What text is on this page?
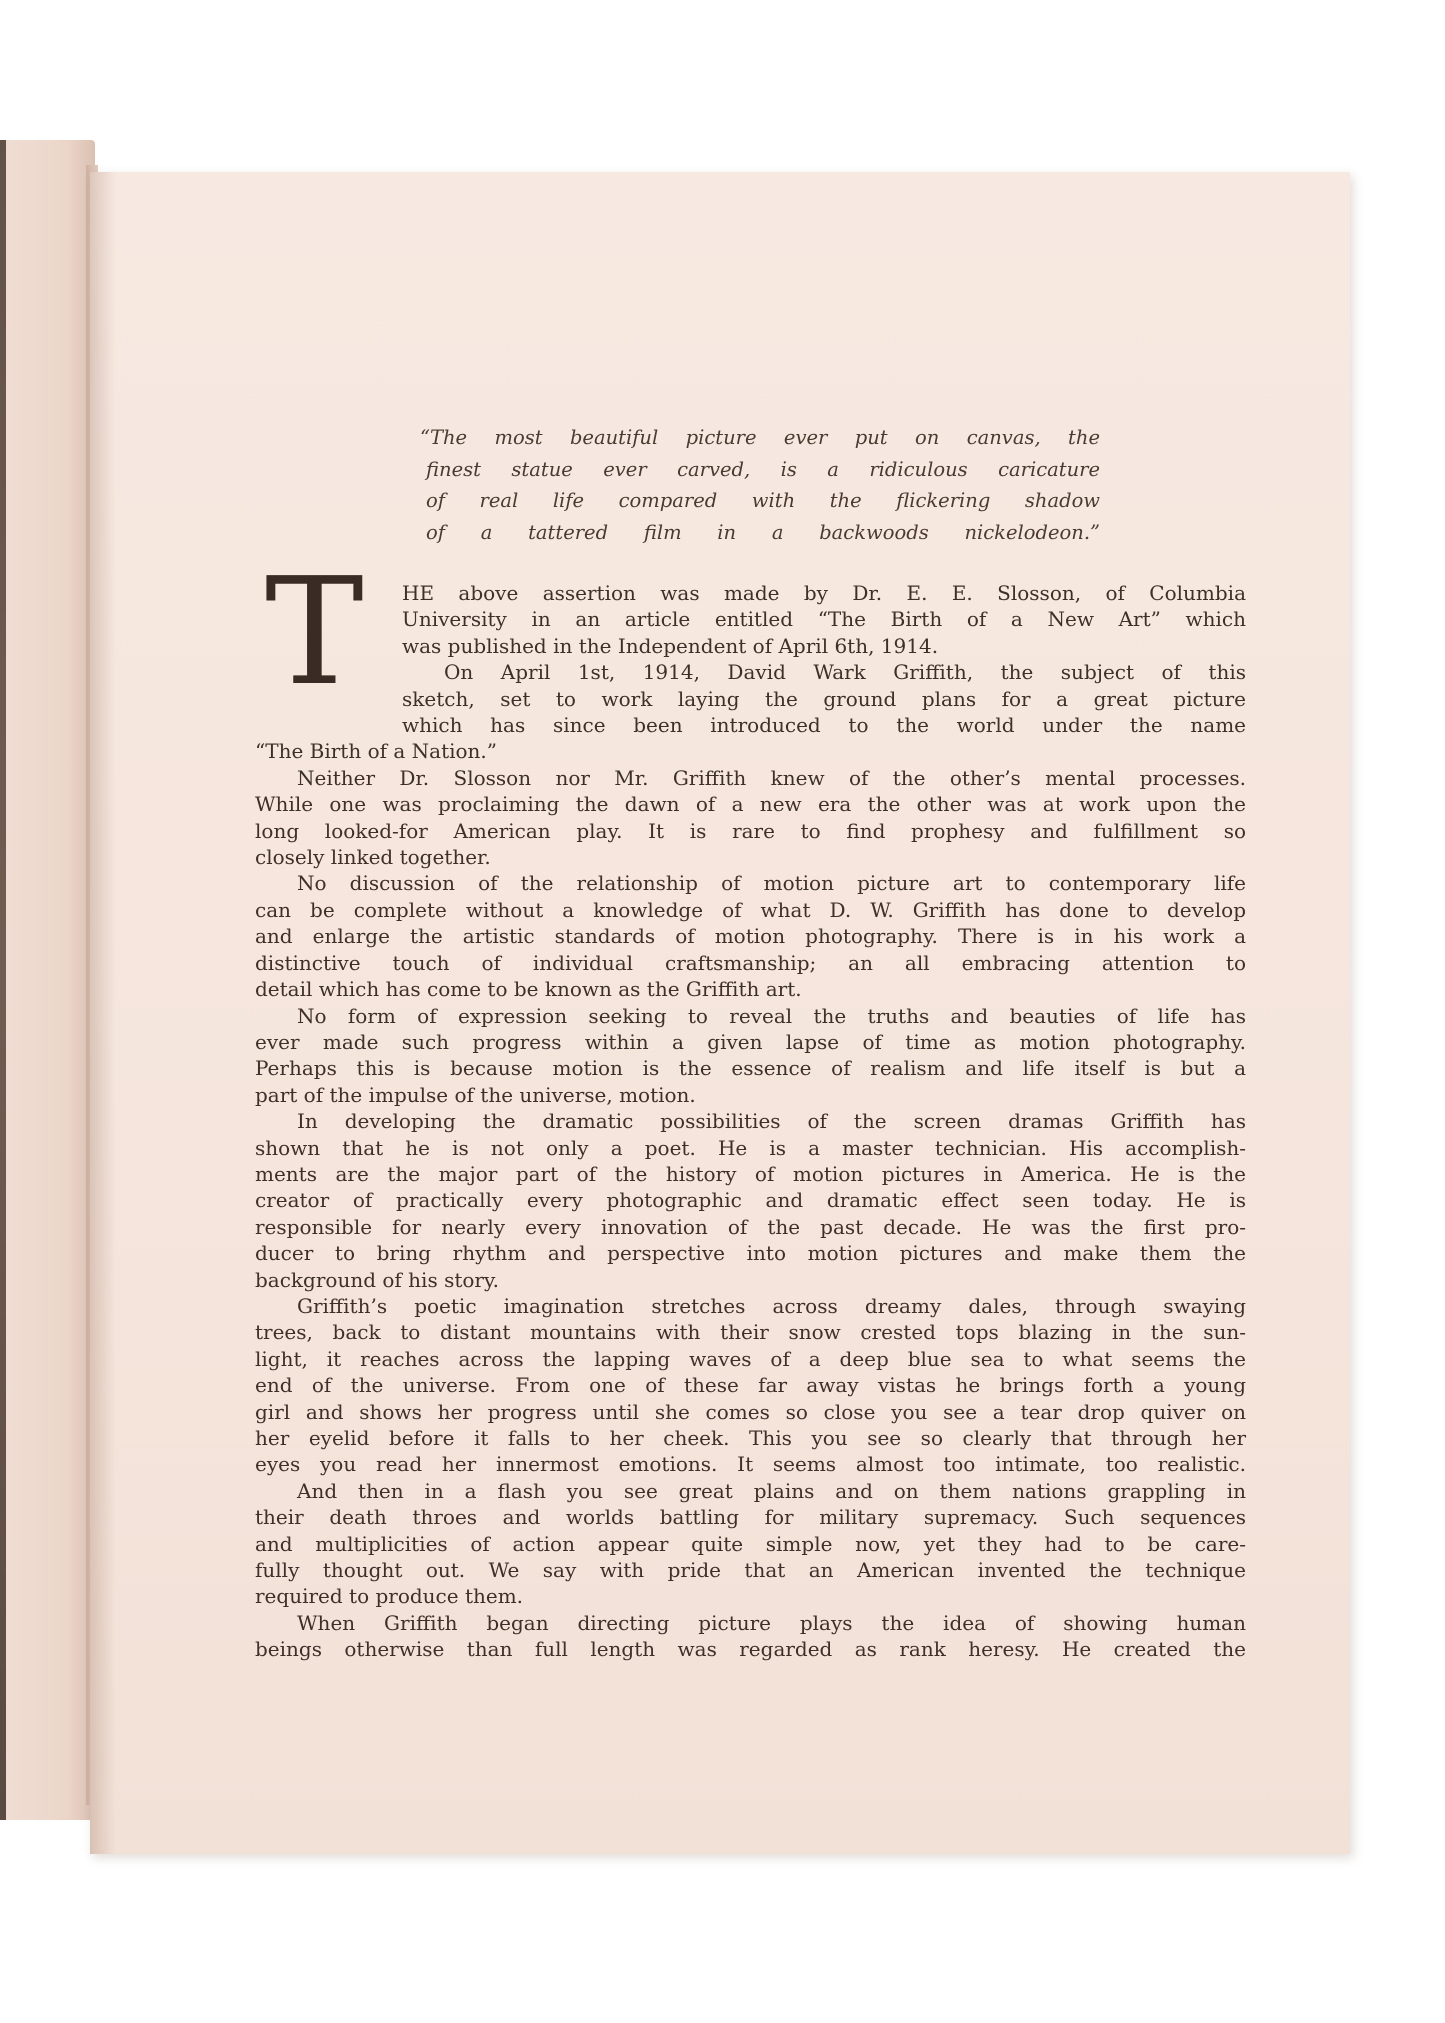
“The most beautiful picture ever put on canvas, the
finest statue ever carved, is a ridiculous caricature
of real life compared with the flickering shadow
of a tattered film in a backwoods nickelodeon.”
T	HE above assertion was made by Dr. E. E. Slosson, of Columbia
University in an article entitled “The Birth of a New Art” which
was published in the Independent of April 6th, 1914.
On April 1st, 1914, David Wark Griffith, the subject of this
sketch, set to work laying the ground plans for a great picture
which has since been introduced to the world under the name
“The Birth of a Nation.”
Neither Dr. Slosson nor Mr. Griffith knew of the other’s mental processes.
While one was proclaiming the dawn of a new era the other was at work upon the
long looked-for American play. It is rare to find prophesy and fulfillment so
closely linked together.
No discussion of the relationship of motion picture art to contemporary life
can be complete without a knowledge of what D. W. Griffith has done to develop
and enlarge the artistic standards of motion photography. There is in his work a
distinctive touch of individual craftsmanship; an all embracing attention to
detail which has come to be known as the Griffith art.
No form of expression seeking to reveal the truths and beauties of life has
ever made such progress within a given lapse of time as motion photography.
Perhaps this is because motion is the essence of realism and life itself is but a
part of the impulse of the universe, motion.
In developing the dramatic possibilities of the screen dramas Griffith has
shown that he is not only a poet. He is a master technician. His accomplish-
ments are the major part of the history of motion pictures in America. He is the
creator of practically every photographic and dramatic effect seen today. He is
responsible for nearly every innovation of the past decade. He was the first pro-
ducer to bring rhythm and perspective into motion pictures and make them the
background of his story.
Griffith’s poetic imagination stretches across dreamy dales, through swaying
trees, back to distant mountains with their snow crested tops blazing in the sun-
light, it reaches across the lapping waves of a deep blue sea to what seems the
end of the universe. From one of these far away vistas he brings forth a young
girl and shows her progress until she comes so close you see a tear drop quiver on
her eyelid before it falls to her cheek. This you see so clearly that through her
eyes you read her innermost emotions. It seems almost too intimate, too realistic.
And then in a flash you see great plains and on them nations grappling in
their death throes and worlds battling for military supremacy. Such sequences
and multiplicities of action appear quite simple now, yet they had to be care-
fully thought out. We say with pride that an American invented the technique
required to produce them.
When Griffith began directing picture plays the idea of showing human
beings otherwise than full length was regarded as rank heresy. He created the
